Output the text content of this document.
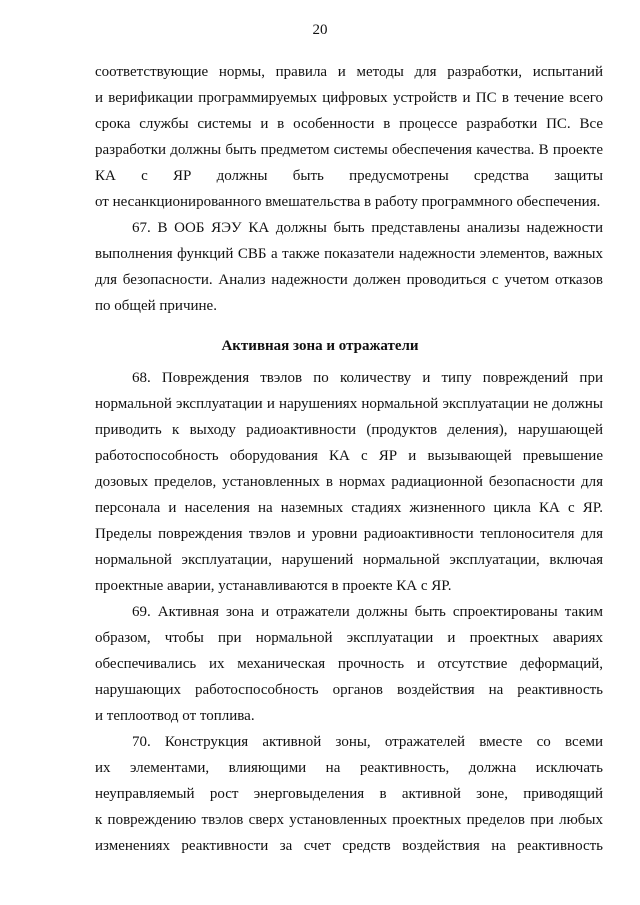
20
соответствующие нормы, правила и методы для разработки, испытаний
и верификации программируемых цифровых устройств и ПС в течение всего
срока службы системы и в особенности в процессе разработки ПС. Все
разработки должны быть предметом системы обеспечения качества. В проекте
КА с ЯР должны быть предусмотрены средства защиты
от несанкционированного вмешательства в работу программного обеспечения.
67. В ООБ ЯЭУ КА должны быть представлены анализы надежности
выполнения функций СВБ а также показатели надежности элементов, важных
для безопасности. Анализ надежности должен проводиться с учетом отказов
по общей причине.
Активная зона и отражатели
68. Повреждения твэлов по количеству и типу повреждений при
нормальной эксплуатации и нарушениях нормальной эксплуатации не должны
приводить к выходу радиоактивности (продуктов деления), нарушающей
работоспособность оборудования КА с ЯР и вызывающей превышение
дозовых пределов, установленных в нормах радиационной безопасности для
персонала и населения на наземных стадиях жизненного цикла КА с ЯР.
Пределы повреждения твэлов и уровни радиоактивности теплоносителя для
нормальной эксплуатации, нарушений нормальной эксплуатации, включая
проектные аварии, устанавливаются в проекте КА с ЯР.
69. Активная зона и отражатели должны быть спроектированы таким
образом, чтобы при нормальной эксплуатации и проектных авариях
обеспечивались их механическая прочность и отсутствие деформаций,
нарушающих работоспособность органов воздействия на реактивность
и теплоотвод от топлива.
70. Конструкция активной зоны, отражателей вместе со всеми
их элементами, влияющими на реактивность, должна исключать
неуправляемый рост энерговыделения в активной зоне, приводящий
к повреждению твэлов сверх установленных проектных пределов при любых
изменениях реактивности за счет средств воздействия на реактивность
